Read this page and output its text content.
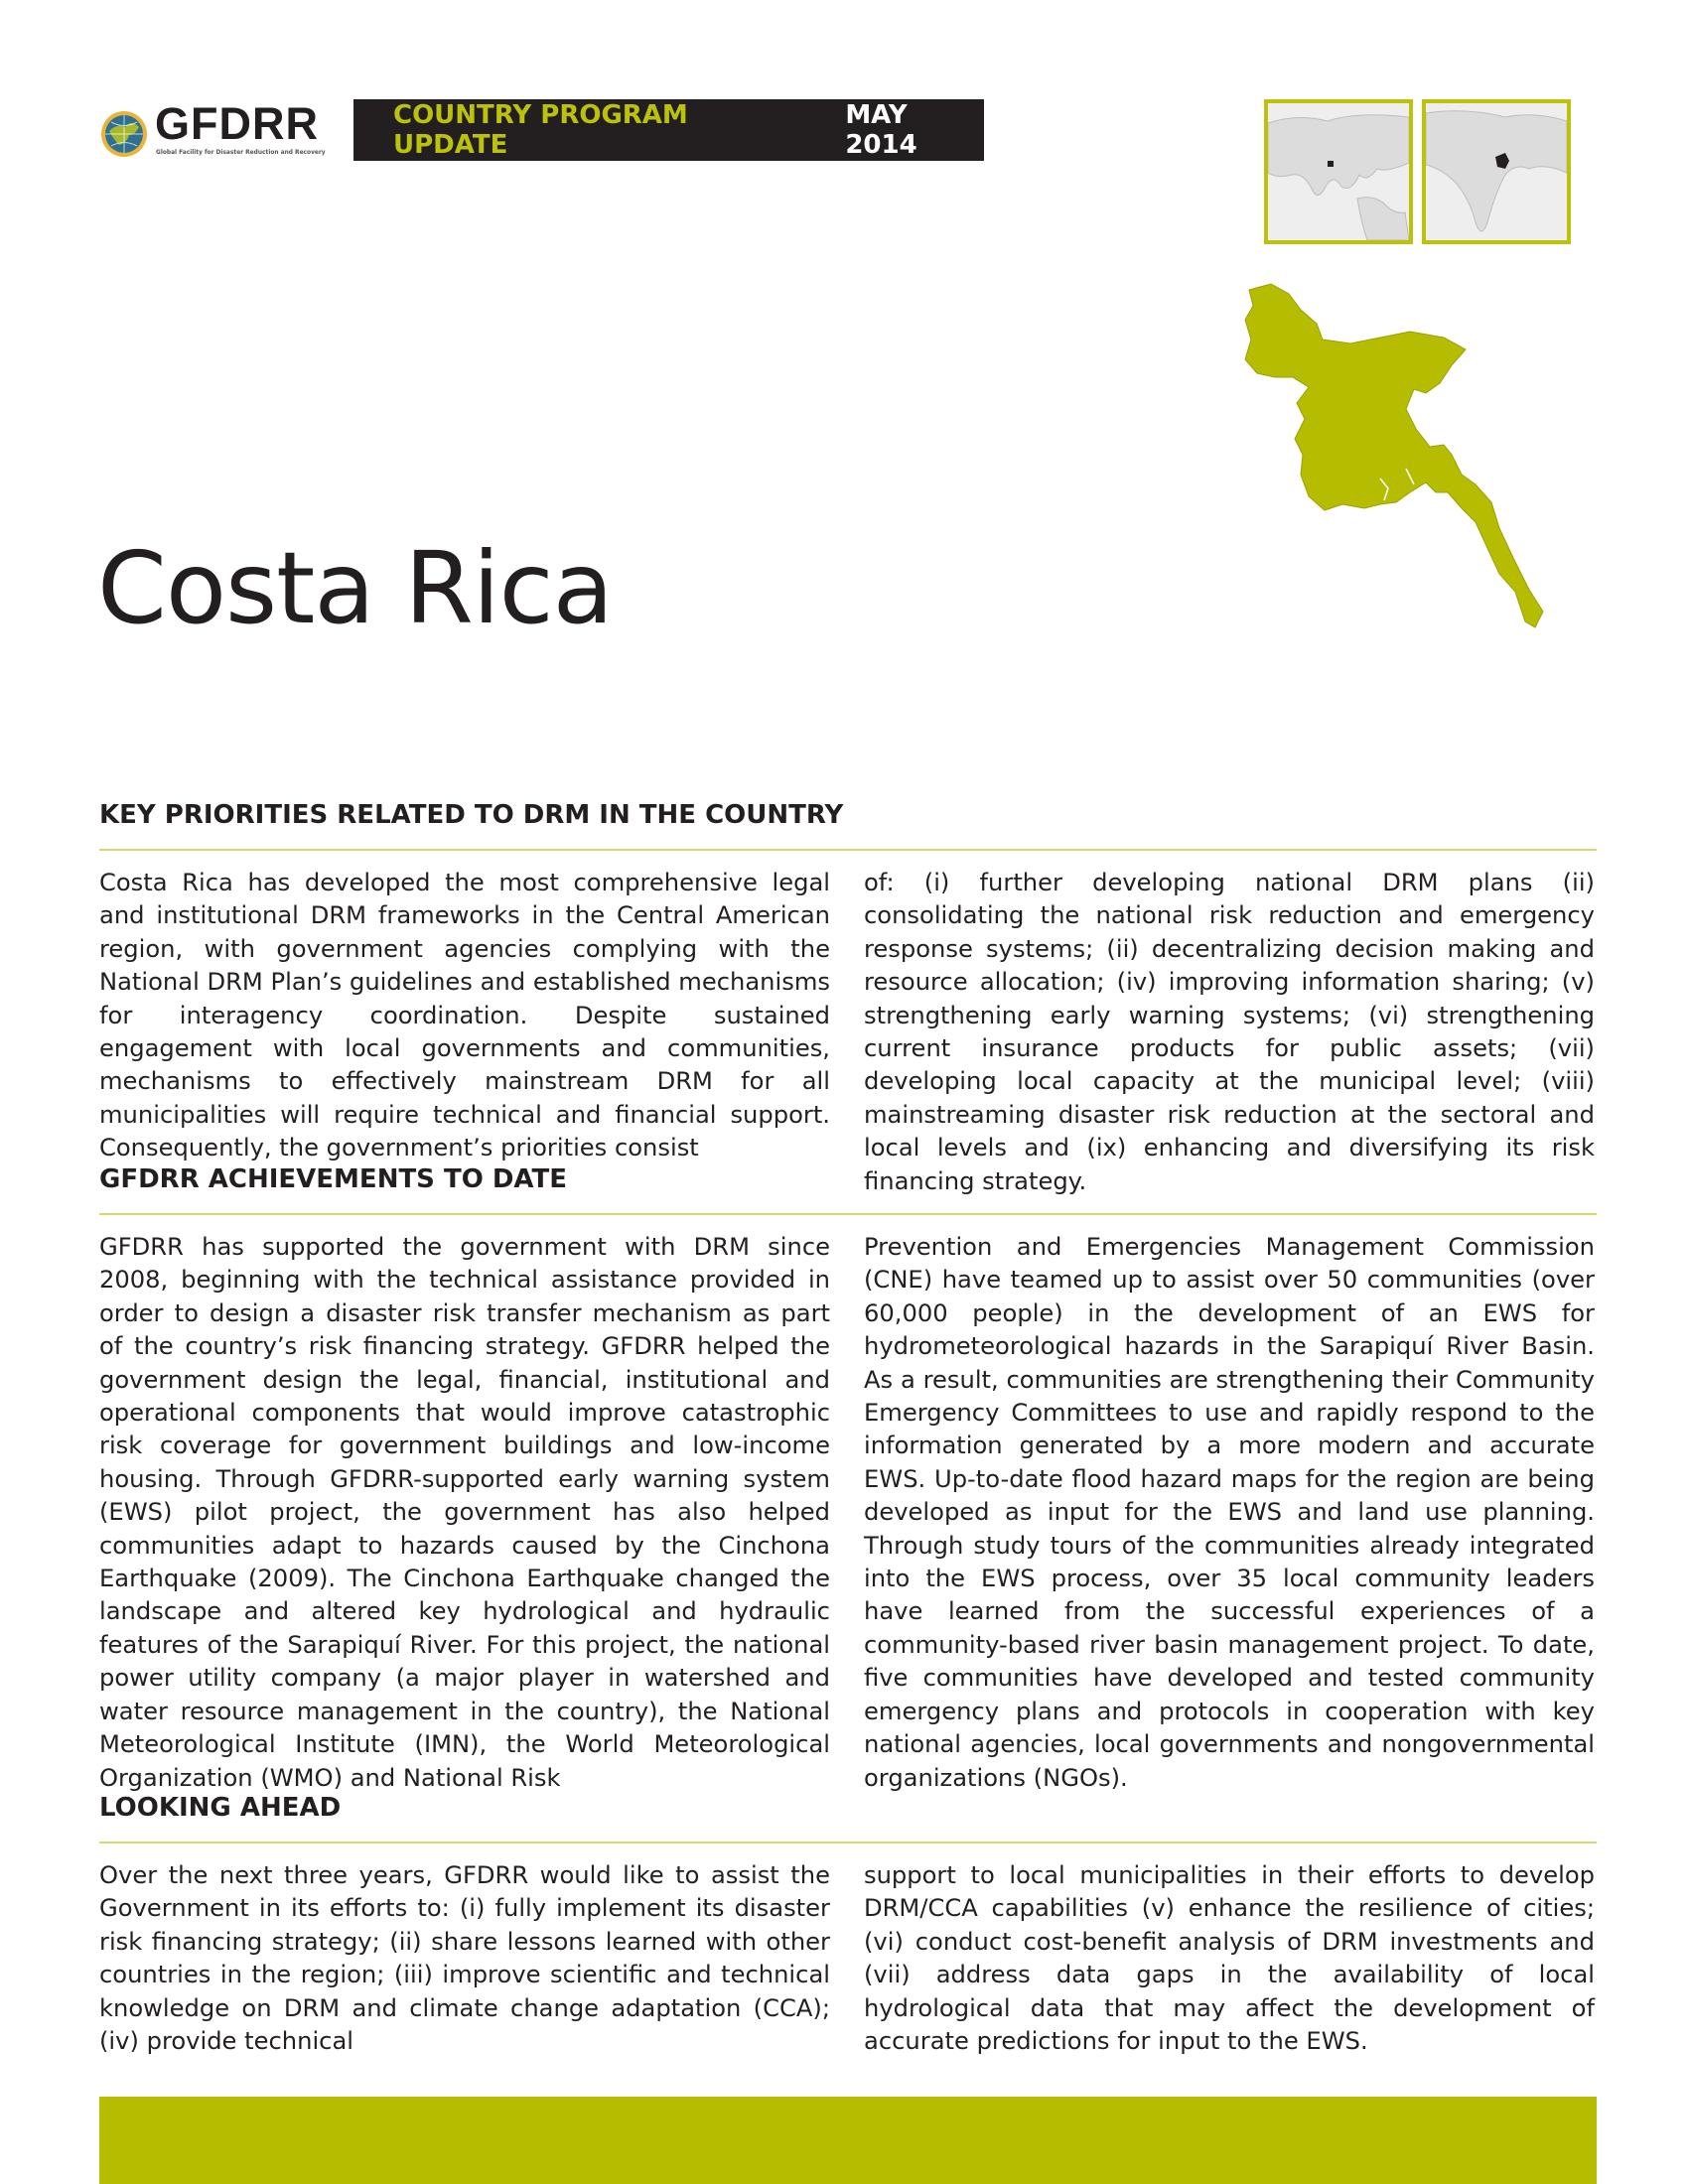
GFDRR
Global Facility for Disaster Reduction and Recovery
COUNTRY PROGRAM UPDATE
MAY 2014
Costa Rica
KEY PRIORITIES RELATED TO DRM IN THE COUNTRY

Costa Rica has developed the most comprehensive legal and institutional DRM frameworks in the Central American region, with government agencies complying with the National DRM Plan’s guidelines and established mechanisms for interagency coordination. Despite sustained engagement with local governments and communities, mechanisms to effectively mainstream DRM for all municipalities will require technical and financial support. Consequently, the government’s priorities consist

of: (i) further developing national DRM plans (ii) consolidating the national risk reduction and emergency response systems; (ii) decentralizing decision making and resource allocation; (iv) improving information sharing; (v) strengthening early warning systems; (vi) strengthening current insurance products for public assets; (vii) developing local capacity at the municipal level; (viii) mainstreaming disaster risk reduction at the sectoral and local levels and (ix) enhancing and diversifying its risk financing strategy.

GFDRR ACHIEVEMENTS TO DATE

GFDRR has supported the government with DRM since 2008, beginning with the technical assistance provided in order to design a disaster risk transfer mechanism as part of the country’s risk financing strategy. GFDRR helped the government design the legal, financial, institutional and operational components that would improve catastrophic risk coverage for government buildings and low-income housing. Through GFDRR-supported early warning system (EWS) pilot project, the government has also helped communities adapt to hazards caused by the Cinchona Earthquake (2009). The Cinchona Earthquake changed the landscape and altered key hydrological and hydraulic features of the Sarapiquí River. For this project, the national power utility company (a major player in watershed and water resource management in the country), the National Meteorological Institute (IMN), the World Meteorological Organization (WMO) and National Risk

Prevention and Emergencies Management Commission (CNE) have teamed up to assist over 50 communities (over 60,000 people) in the development of an EWS for hydrometeorological hazards in the Sarapiquí River Basin. As a result, communities are strengthening their Community Emergency Committees to use and rapidly respond to the information generated by a more modern and accurate EWS. Up-to-date flood hazard maps for the region are being developed as input for the EWS and land use planning. Through study tours of the communities already integrated into the EWS process, over 35 local community leaders have learned from the successful experiences of a community-based river basin management project. To date, five communities have developed and tested community emergency plans and protocols in cooperation with key national agencies, local governments and nongovernmental organizations (NGOs).

LOOKING AHEAD

Over the next three years, GFDRR would like to assist the Government in its efforts to: (i) fully implement its disaster risk financing strategy; (ii) share lessons learned with other countries in the region; (iii) improve scientific and technical knowledge on DRM and climate change adaptation (CCA); (iv) provide technical

support to local municipalities in their efforts to develop DRM/CCA capabilities (v) enhance the resilience of cities; (vi) conduct cost-benefit analysis of DRM investments and (vii) address data gaps in the availability of local hydrological data that may affect the development of accurate predictions for input to the EWS.
